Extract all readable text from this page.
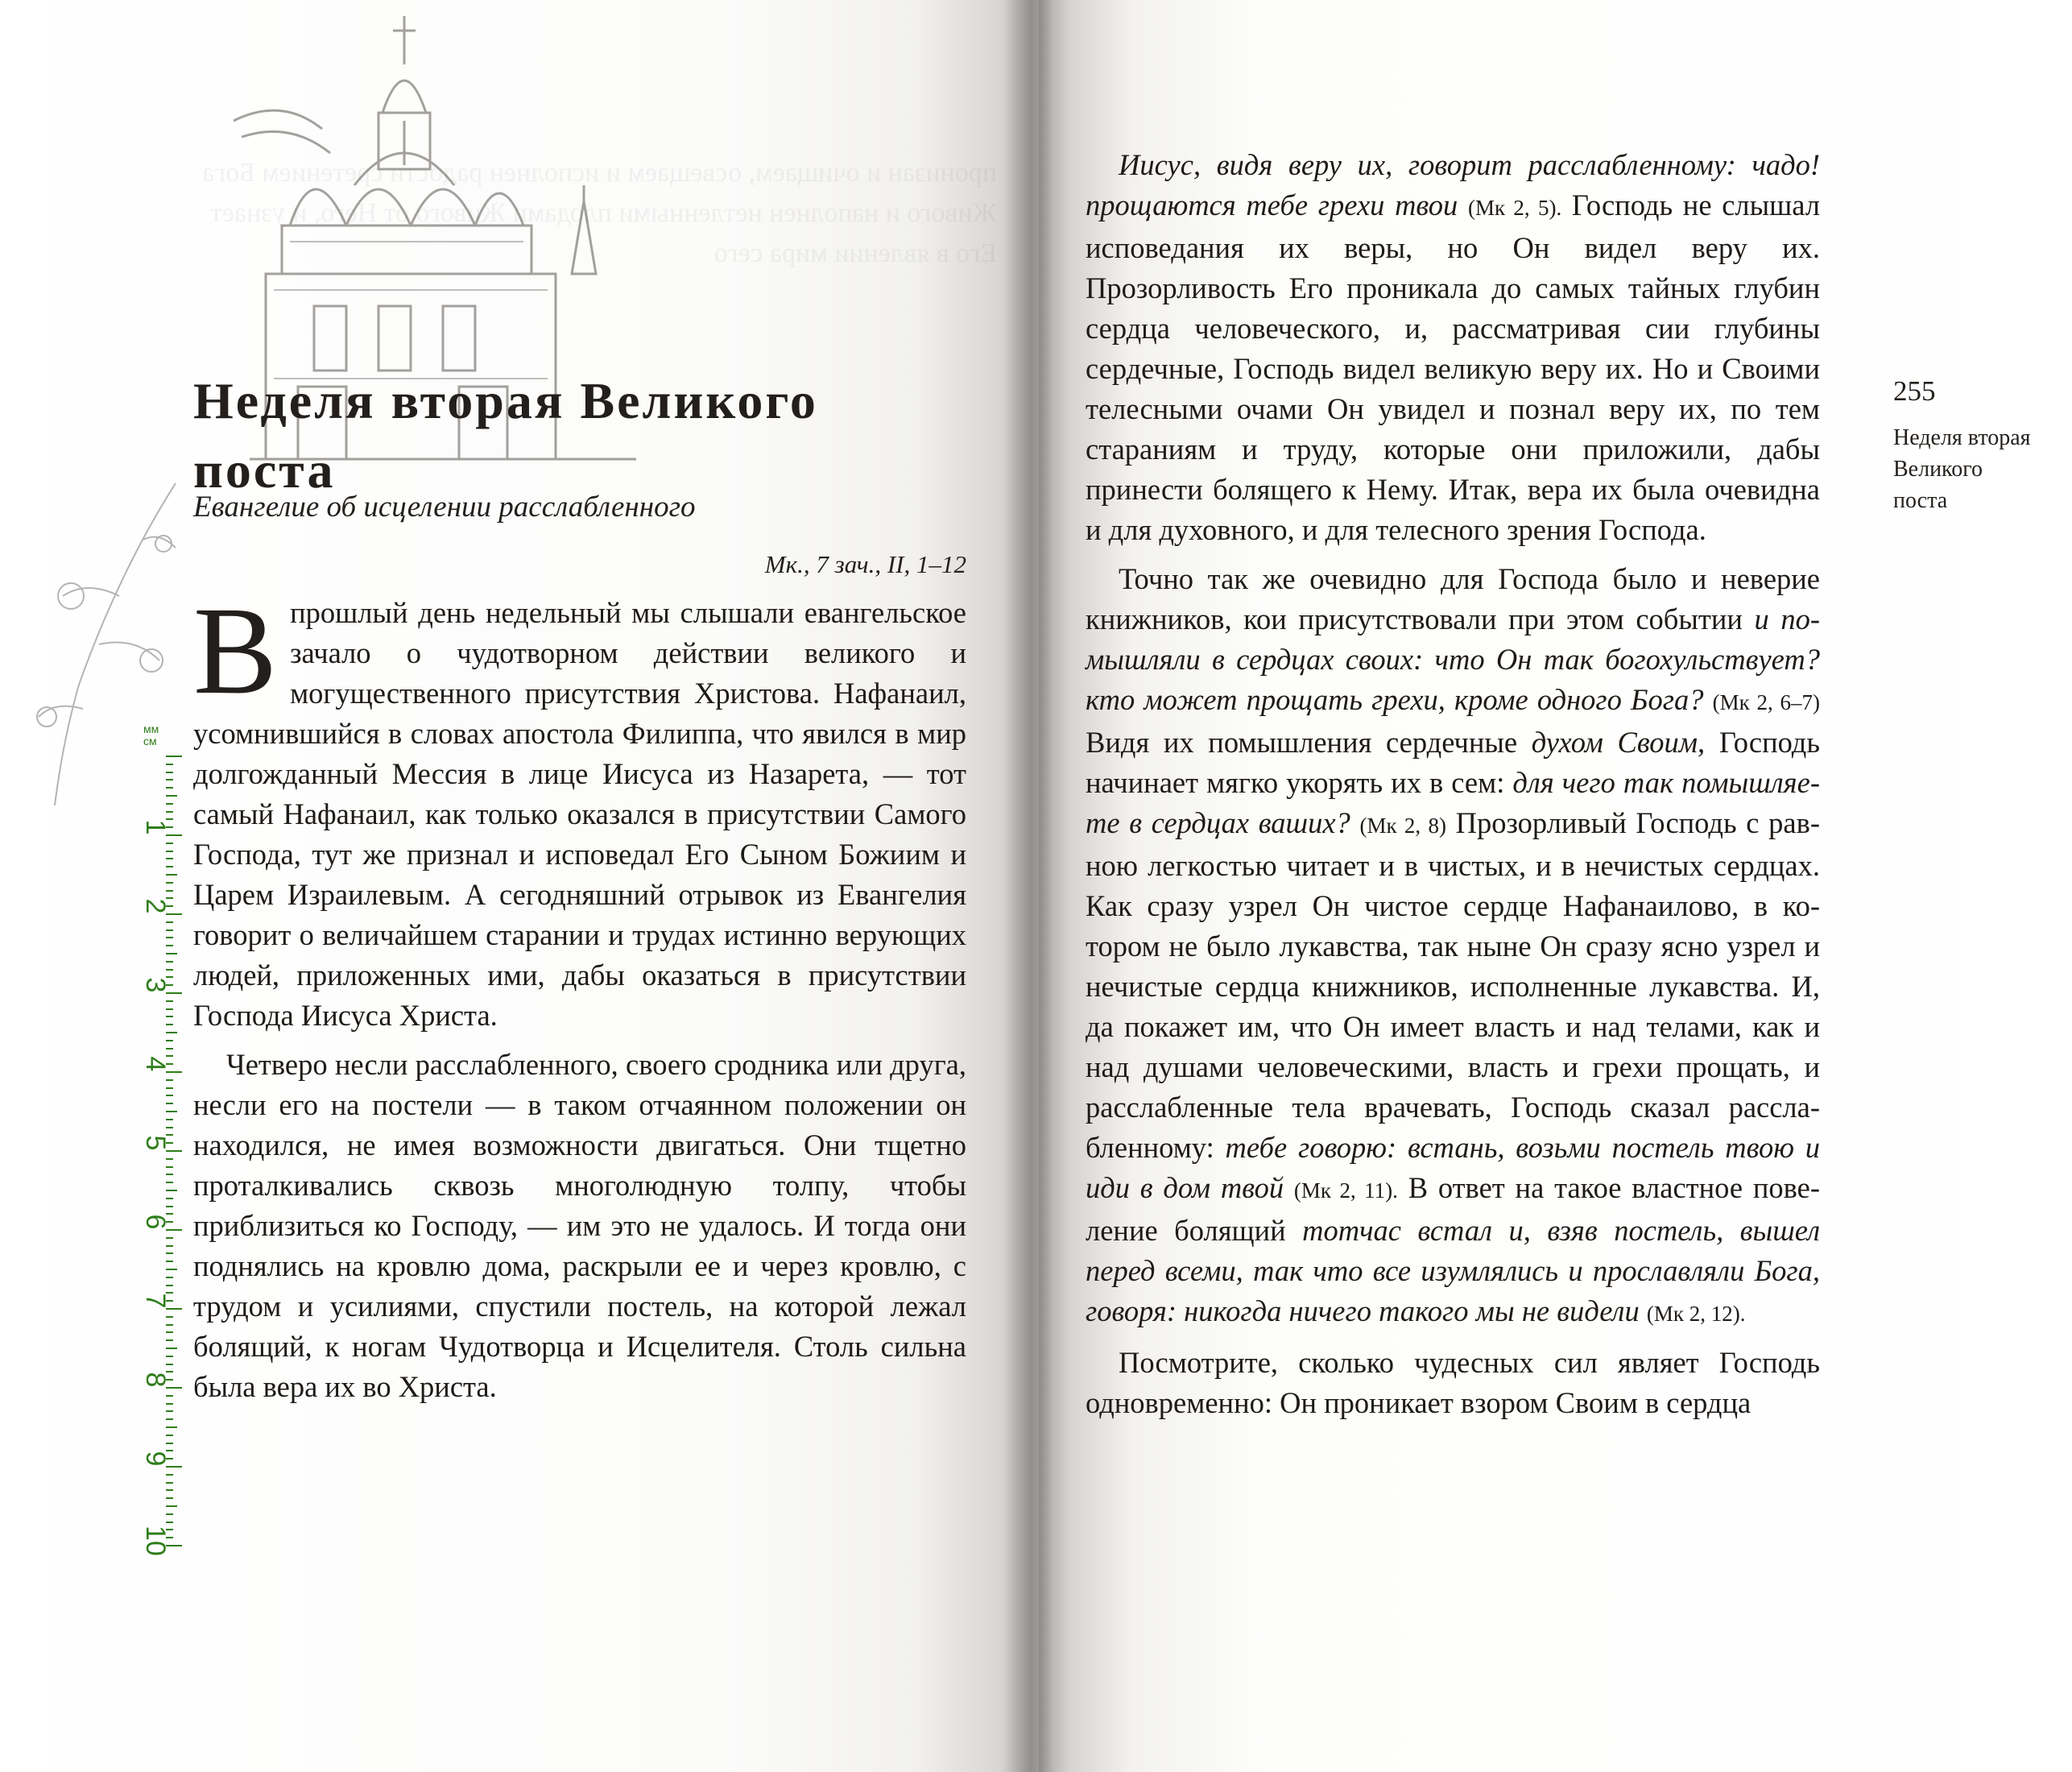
пронизан и очищаем, освещаем и исполнен радости сретением Бога Живого и наполнен нетленными плодами Живого от Него, и узнает Его в явлении мира сего
мм
см
1
2
3
4
5
6
7
8
9
10
Неделя вторая Великого
поста

Евангелие об исцелении расслабленного

Мк., 7 зач., II, 1–12

Впрошлый день недельный мы слышали евангельское зачало о чудотворном действии великого и могущественного присутствия Христова. Нафанаил, усомнившийся в словах апостола Филиппа, что явился в мир долгожданный Мессия в лице Иисуса из Назарета, — тот самый Нафанаил, как только оказался в присутствии Самого Господа, тут же признал и исповедал Его Сыном Божиим и Царем Израилевым. А сегодняшний отрывок из Евангелия говорит о величайшем старании и трудах истинно верующих людей, приложенных ими, дабы оказаться в присутствии Господа Иисуса Христа.

Четверо несли расслабленного, своего сродника или друга, несли его на постели — в таком отчаянном положении он находился, не имея возможности двигаться. Они тщетно проталкивались сквозь многолюдную толпу, чтобы приблизиться ко Господу, — им это не удалось. И тогда они поднялись на кровлю дома, раскрыли ее и через кровлю, с трудом и усилиями, спустили постель, на которой лежал болящий, к ногам Чудотворца и Исцелителя. Столь сильна была вера их во Христа.

Иисус, видя веру их, говорит расслабленному: чадо! прощаются тебе грехи твои (Мк 2, 5). Господь не слышал исповедания их веры, но Он видел веру их. Прозорливость Его проникала до самых тайных глубин сердца человеческого, и, рассматривая сии глубины сердечные, Господь видел великую веру их. Но и Своими телесными очами Он увидел и познал веру их, по тем стараниям и труду, которые они приложили, дабы принести болящего к Нему. Итак, вера их была очевидна и для духовного, и для телесного зрения Господа.

Точно так же очевидно для Господа было и неверие книжников, кои присутствовали при этом событии и помышляли в сердцах своих: что Он так богохульствует? кто может прощать грехи, кроме одного Бога? (Мк 2, 6–7) Видя их помышления сердечные духом Своим, Господь начинает мягко укорять их в сем: для чего так помышляете в сердцах ваших? (Мк 2, 8) Прозорливый Господь с равною легкостью читает и в чистых, и в нечистых сердцах. Как сразу узрел Он чистое сердце Нафанаилово, в котором не было лукавства, так ныне Он сразу ясно узрел и нечистые сердца книжников, исполненные лукавства. И, да покажет им, что Он имеет власть и над телами, как и над душами человеческими, власть и грехи прощать, и расслабленные тела врачевать, Господь сказал расслабленному: тебе говорю: встань, возьми постель твою и иди в дом твой (Мк 2, 11). В ответ на такое властное повеление болящий тотчас встал и, взяв постель, вышел перед всеми, так что все изумлялись и прославляли Бога, говоря: никогда ничего такого мы не видели (Мк 2, 12).

Посмотрите, сколько чудесных сил являет Господь одновременно: Он проникает взором Своим в сердца

255

Неделя вторая
Великого
поста
